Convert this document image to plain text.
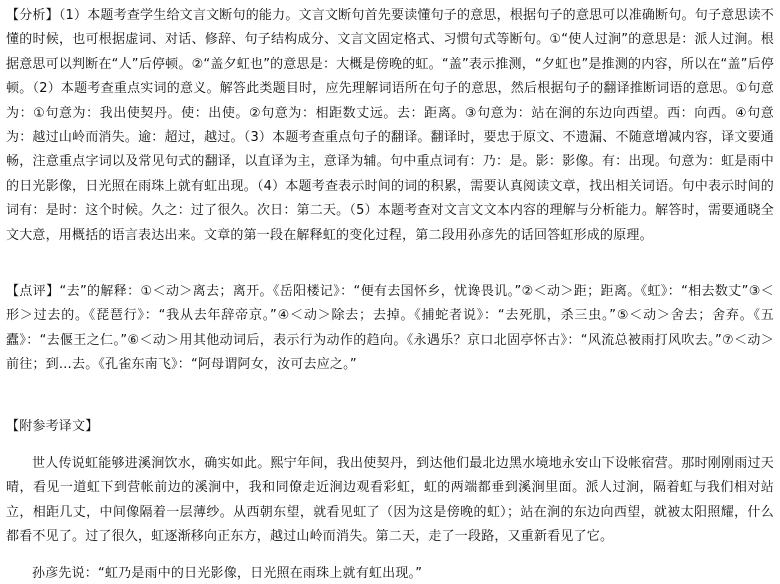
【分析】（1）本题考查学生给文言文断句的能力。文言文断句首先要读懂句子的意思，根据句子的意思可以准确断句。句子意思读不懂的时候，也可根据虚词、对话、修辞、句子结构成分、文言文固定格式、习惯句式等断句。①“使人过涧”的意思是：派人过涧。根据意思可以判断在“人”后停顿。②“盖夕虹也”的意思是：大概是傍晚的虹。“盖”表示推测，“夕虹也”是推测的内容，所以在“盖”后停顿。（2）本题考查重点实词的意义。解答此类题目时，应先理解词语所在句子的意思，然后根据句子的翻译推断词语的意思。①句意为：①句意为：我出使契丹。使：出使。②句意为：相距数丈远。去：距离。③句意为：站在涧的东边向西望。西：向西。④句意为：越过山岭而消失。逾：超过，越过。（3）本题考查重点句子的翻译。翻译时，要忠于原文、不遗漏、不随意增减内容，译文要通畅，注意重点字词以及常见句式的翻译，以直译为主，意译为辅。句中重点词有：乃：是。影：影像。有：出现。句意为：虹是雨中的日光影像，日光照在雨珠上就有虹出现。（4）本题考查表示时间的词的积累，需要认真阅读文章，找出相关词语。句中表示时间的词有：是时：这个时候。久之：过了很久。次日：第二天。（5）本题考查对文言文文本内容的理解与分析能力。解答时，需要通晓全文大意，用概括的语言表达出来。文章的第一段在解释虹的变化过程，第二段用孙彦先的话回答虹形成的原理。

【点评】“去”的解释：①＜动＞离去；离开。《岳阳楼记》：“便有去国怀乡，忧谗畏讥。”②＜动＞距；距离。《虹》：“相去数丈”③＜形＞过去的。《琵琶行》：“我从去年辞帝京。”④＜动＞除去；去掉。《捕蛇者说》：“去死肌，杀三虫。”⑤＜动＞舍去；舍弃。《五蠹》：“去偃王之仁。”⑥＜动＞用其他动词后，表示行为动作的趋向。《永遇乐？京口北固亭怀古》：“风流总被雨打风吹去。”⑦＜动＞前往；到…去。《孔雀东南飞》：“阿母谓阿女，汝可去应之。”

【附参考译文】

世人传说虹能够进溪涧饮水，确实如此。熙宁年间，我出使契丹，到达他们最北边黑水境地永安山下设帐宿营。那时刚刚雨过天晴，看见一道虹下到营帐前边的溪涧中，我和同僚走近涧边观看彩虹，虹的两端都垂到溪涧里面。派人过涧，隔着虹与我们相对站立，相距几丈，中间像隔着一层薄纱。从西朝东望，就看见虹了（因为这是傍晚的虹）；站在涧的东边向西望，就被太阳照耀，什么都看不见了。过了很久，虹逐渐移向正东方，越过山岭而消失。第二天，走了一段路，又重新看见了它。

孙彦先说：“虹乃是雨中的日光影像，日光照在雨珠上就有虹出现。”
